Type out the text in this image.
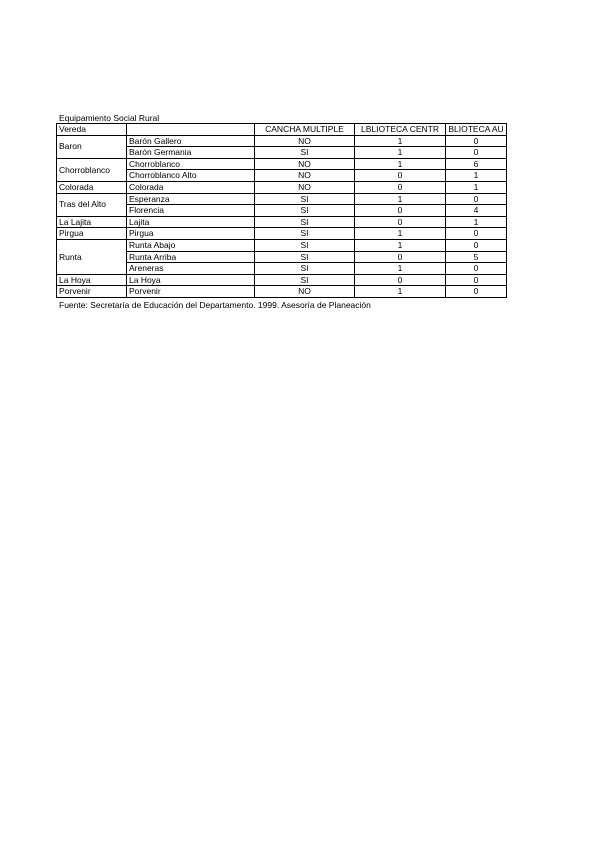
Equipamiento Social Rural
Vereda		CANCHA MULTIPLE	LBLIOTECA CENTR	BLIOTECA AU
Baron	Barón Gallero	NO	1	0
	Barón Germania	SI	1	0
Chorroblanco	Chorroblanco	NO	1	6
	Chorroblanco Alto	NO	0	1
Colorada	Colorada	NO	0	1
Tras del Alto	Esperanza	SI	1	0
	Florencia	SI	0	4
La Lajita	Lajita	SI	0	1
Pirgua	Pirgua	SI	1	0
Runta	Runta Abajo	SI	1	0
	Runta Arriba	SI	0	5
	Areneras	SI	1	0
La Hoya	La Hoya	SI	0	0
Porvenir	Porvenir	NO	1	0
Fuente: Secretaría de Educación del Departamento. 1999. Asesoría de Planeación
